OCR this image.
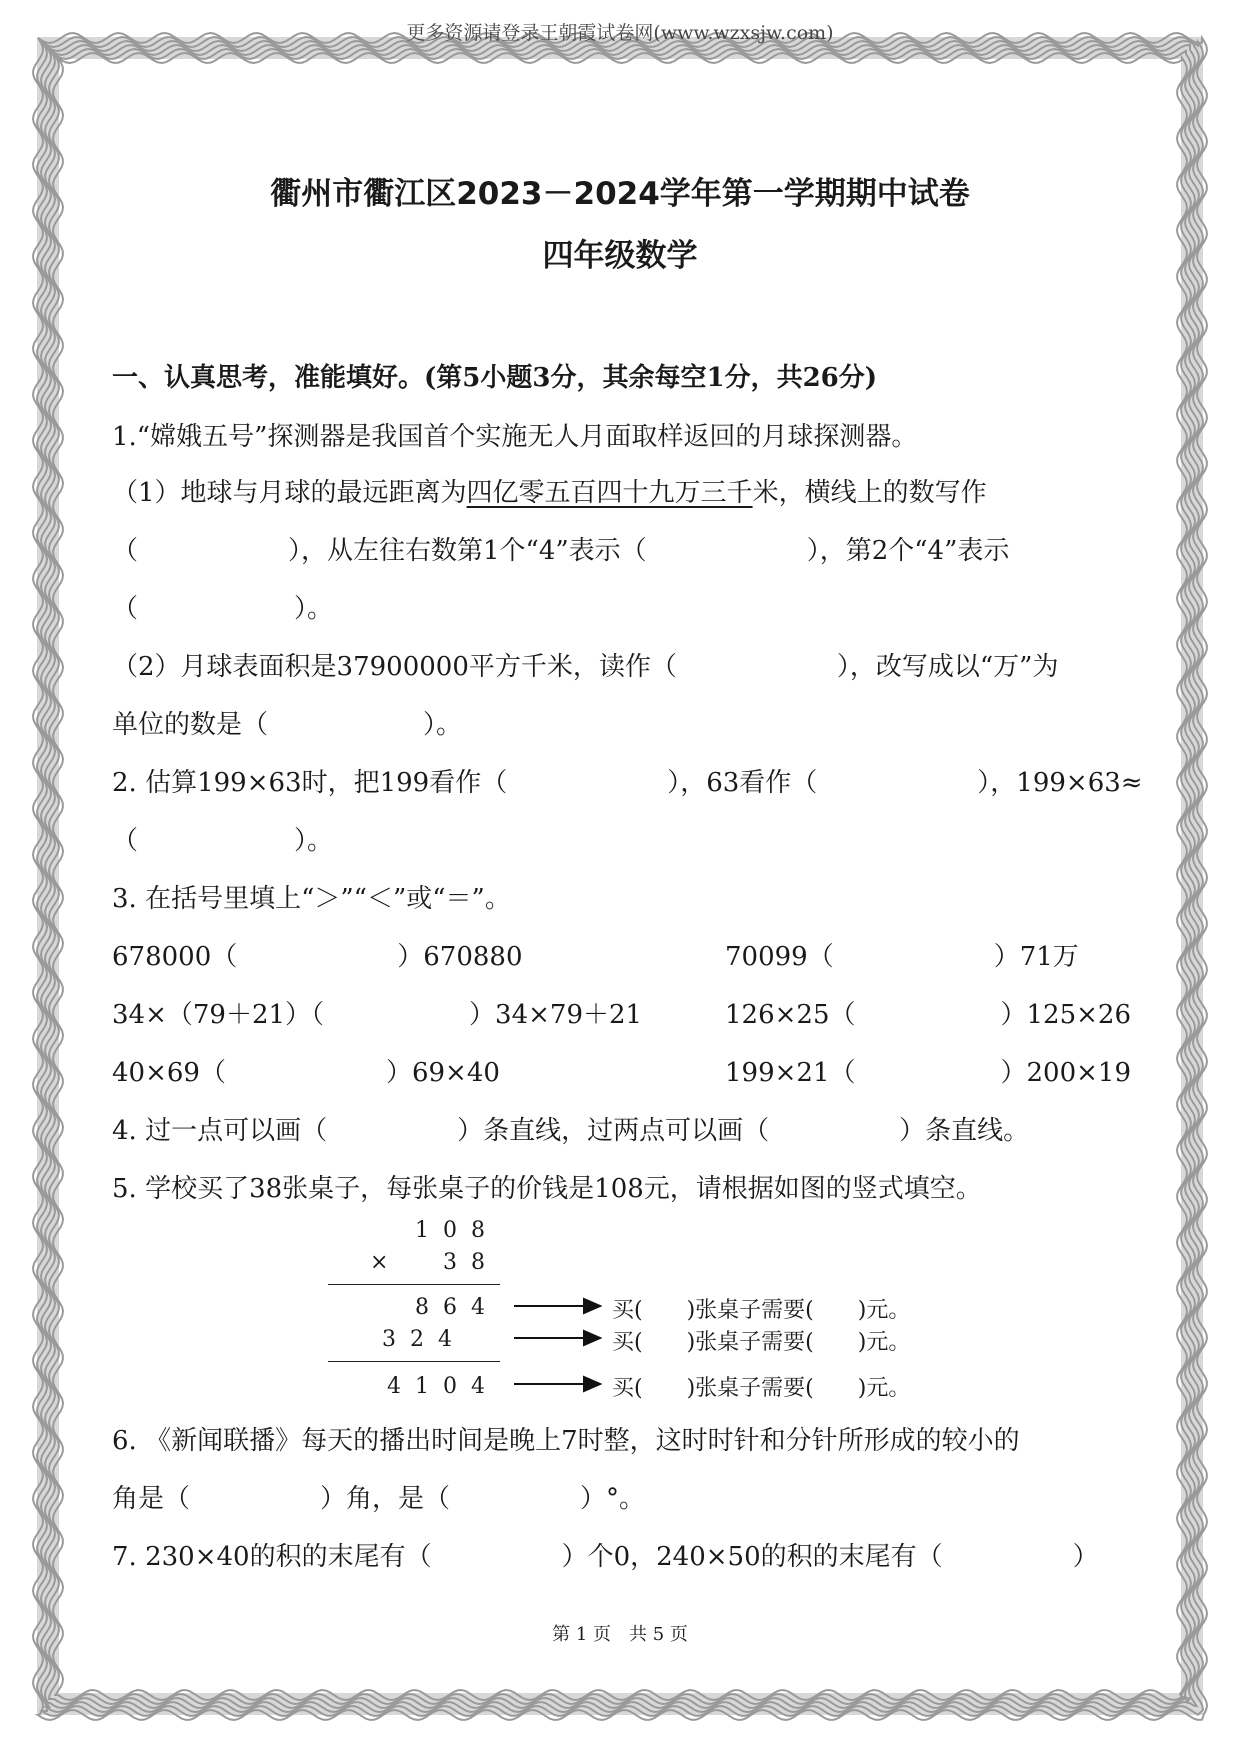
更多资源请登录王朝霞试卷网(www.wzxsjw.com)
衢州市衢江区2023－2024学年第一学期期中试卷
四年级数学
一、认真思考，准能填好。(第5小题3分，其余每空1分，共26分)
1.“嫦娥五号”探测器是我国首个实施无人月面取样返回的月球探测器。
（1）地球与月球的最远距离为四亿零五百四十九万三千米，横线上的数写作
（	），从左往右数第1个“4”表示（	），第2个“4”表示
（　　　　　　）。
（2）月球表面积是37900000平方千米，读作（	），改写成以“万”为
单位的数是（	）。
2. 估算199×63时，把199看作（	），63看作（	），199×63≈
（　　　　　　）。
3. 在括号里填上“＞”“＜”或“＝”。
678000（	）670880	70099（	）71万
34×（79＋21）（	）34×79＋21	126×25（	）125×26
40×69（	）69×40	199×21（	）200×19
4. 过一点可以画（	）条直线，过两点可以画（	）条直线。
5. 学校买了38张桌子，每张桌子的价钱是108元，请根据如图的竖式填空。
108
× 38
864
324
4104
买(　　)张桌子需要(　　)元。
买(　　)张桌子需要(　　)元。
买(　　)张桌子需要(　　)元。
6. 《新闻联播》每天的播出时间是晚上7时整，这时时针和分针所形成的较小的
角是（	）角，是（	）°。
7. 230×40的积的末尾有（	）个0，240×50的积的末尾有（	）
第 1 页　共 5 页
